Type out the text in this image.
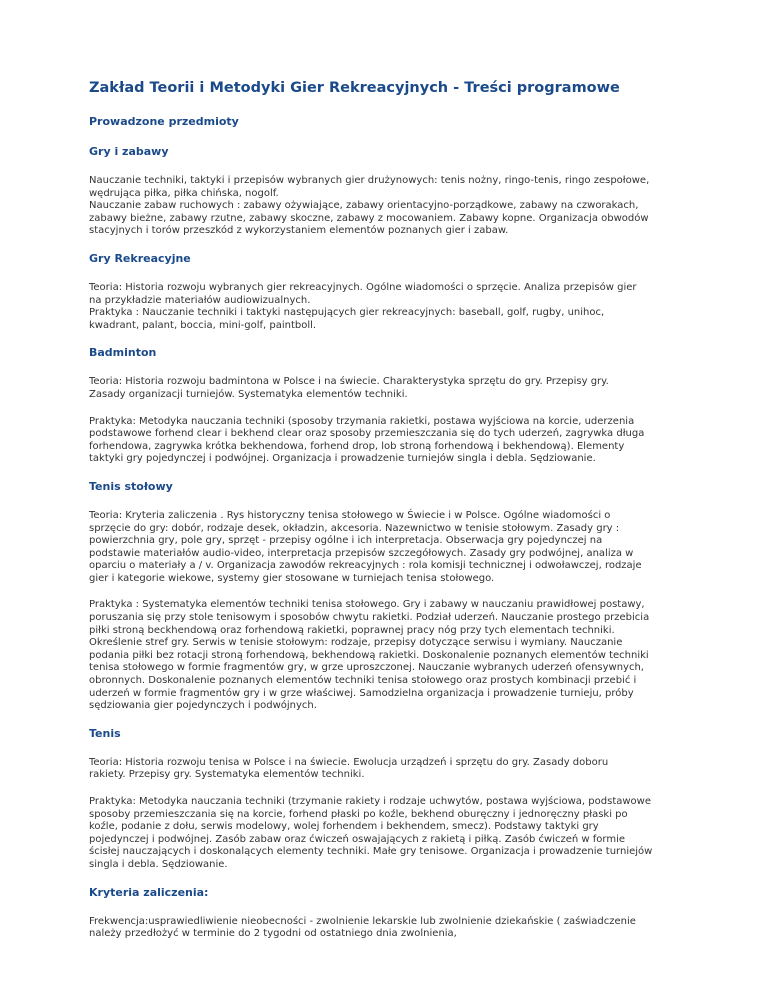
Zakład Teorii i Metodyki Gier Rekreacyjnych - Treści programowe
Prowadzone przedmioty
Gry i zabawy

Nauczanie techniki, taktyki i przepisów wybranych gier drużynowych: tenis nożny, ringo-tenis, ringo zespołowe,
wędrująca piłka, piłka chińska, nogolf.
Nauczanie zabaw ruchowych : zabawy ożywiające, zabawy orientacyjno-porządkowe, zabawy na czworakach,
zabawy bieżne, zabawy rzutne, zabawy skoczne, zabawy z mocowaniem. Zabawy kopne. Organizacja obwodów
stacyjnych i torów przeszkód z wykorzystaniem elementów poznanych gier i zabaw.

Gry Rekreacyjne

Teoria: Historia rozwoju wybranych gier rekreacyjnych. Ogólne wiadomości o sprzęcie. Analiza przepisów gier
na przykładzie materiałów audiowizualnych.
Praktyka : Nauczanie techniki i taktyki następujących gier rekreacyjnych: baseball, golf, rugby, unihoc,
kwadrant, palant, boccia, mini-golf, paintboll.

Badminton

Teoria: Historia rozwoju badmintona w Polsce i na świecie. Charakterystyka sprzętu do gry. Przepisy gry.
Zasady organizacji turniejów. Systematyka elementów techniki.

Praktyka: Metodyka nauczania techniki (sposoby trzymania rakietki, postawa wyjściowa na korcie, uderzenia
podstawowe forhend clear i bekhend clear oraz sposoby przemieszczania się do tych uderzeń, zagrywka długa
forhendowa, zagrywka krótka bekhendowa, forhend drop, lob stroną forhendową i bekhendową). Elementy
taktyki gry pojedynczej i podwójnej. Organizacja i prowadzenie turniejów singla i debla. Sędziowanie.

Tenis stołowy

Teoria: Kryteria zaliczenia . Rys historyczny tenisa stołowego w Świecie i w Polsce. Ogólne wiadomości o
sprzęcie do gry: dobór, rodzaje desek, okładzin, akcesoria. Nazewnictwo w tenisie stołowym. Zasady gry :
powierzchnia gry, pole gry, sprzęt - przepisy ogólne i ich interpretacja. Obserwacja gry pojedynczej na
podstawie materiałów audio-video, interpretacja przepisów szczegółowych. Zasady gry podwójnej, analiza w
oparciu o materiały a / v. Organizacja zawodów rekreacyjnych : rola komisji technicznej i odwoławczej, rodzaje
gier i kategorie wiekowe, systemy gier stosowane w turniejach tenisa stołowego.

Praktyka : Systematyka elementów techniki tenisa stołowego. Gry i zabawy w nauczaniu prawidłowej postawy,
poruszania się przy stole tenisowym i sposobów chwytu rakietki. Podział uderzeń. Nauczanie prostego przebicia
piłki stroną beckhendową oraz forhendową rakietki, poprawnej pracy nóg przy tych elementach techniki.
Określenie stref gry. Serwis w tenisie stołowym: rodzaje, przepisy dotyczące serwisu i wymiany. Nauczanie
podania piłki bez rotacji stroną forhendową, bekhendową rakietki. Doskonalenie poznanych elementów techniki
tenisa stołowego w formie fragmentów gry, w grze uproszczonej. Nauczanie wybranych uderzeń ofensywnych,
obronnych. Doskonalenie poznanych elementów techniki tenisa stołowego oraz prostych kombinacji przebić i
uderzeń w formie fragmentów gry i w grze właściwej. Samodzielna organizacja i prowadzenie turnieju, próby
sędziowania gier pojedynczych i podwójnych.

Tenis

Teoria: Historia rozwoju tenisa w Polsce i na świecie. Ewolucja urządzeń i sprzętu do gry. Zasady doboru
rakiety. Przepisy gry. Systematyka elementów techniki.

Praktyka: Metodyka nauczania techniki (trzymanie rakiety i rodzaje uchwytów, postawa wyjściowa, podstawowe
sposoby przemieszczania się na korcie, forhend płaski po koźle, bekhend oburęczny i jednoręczny płaski po
koźle, podanie z dołu, serwis modelowy, wolej forhendem i bekhendem, smecz). Podstawy taktyki gry
pojedynczej i podwójnej. Zasób zabaw oraz ćwiczeń oswajających z rakietą i piłką. Zasób ćwiczeń w formie
ścisłej nauczających i doskonalących elementy techniki. Małe gry tenisowe. Organizacja i prowadzenie turniejów
singla i debla. Sędziowanie.

Kryteria zaliczenia:

Frekwencja:usprawiedliwienie nieobecności - zwolnienie lekarskie lub zwolnienie dziekańskie ( zaświadczenie
należy przedłożyć w terminie do 2 tygodni od ostatniego dnia zwolnienia,
